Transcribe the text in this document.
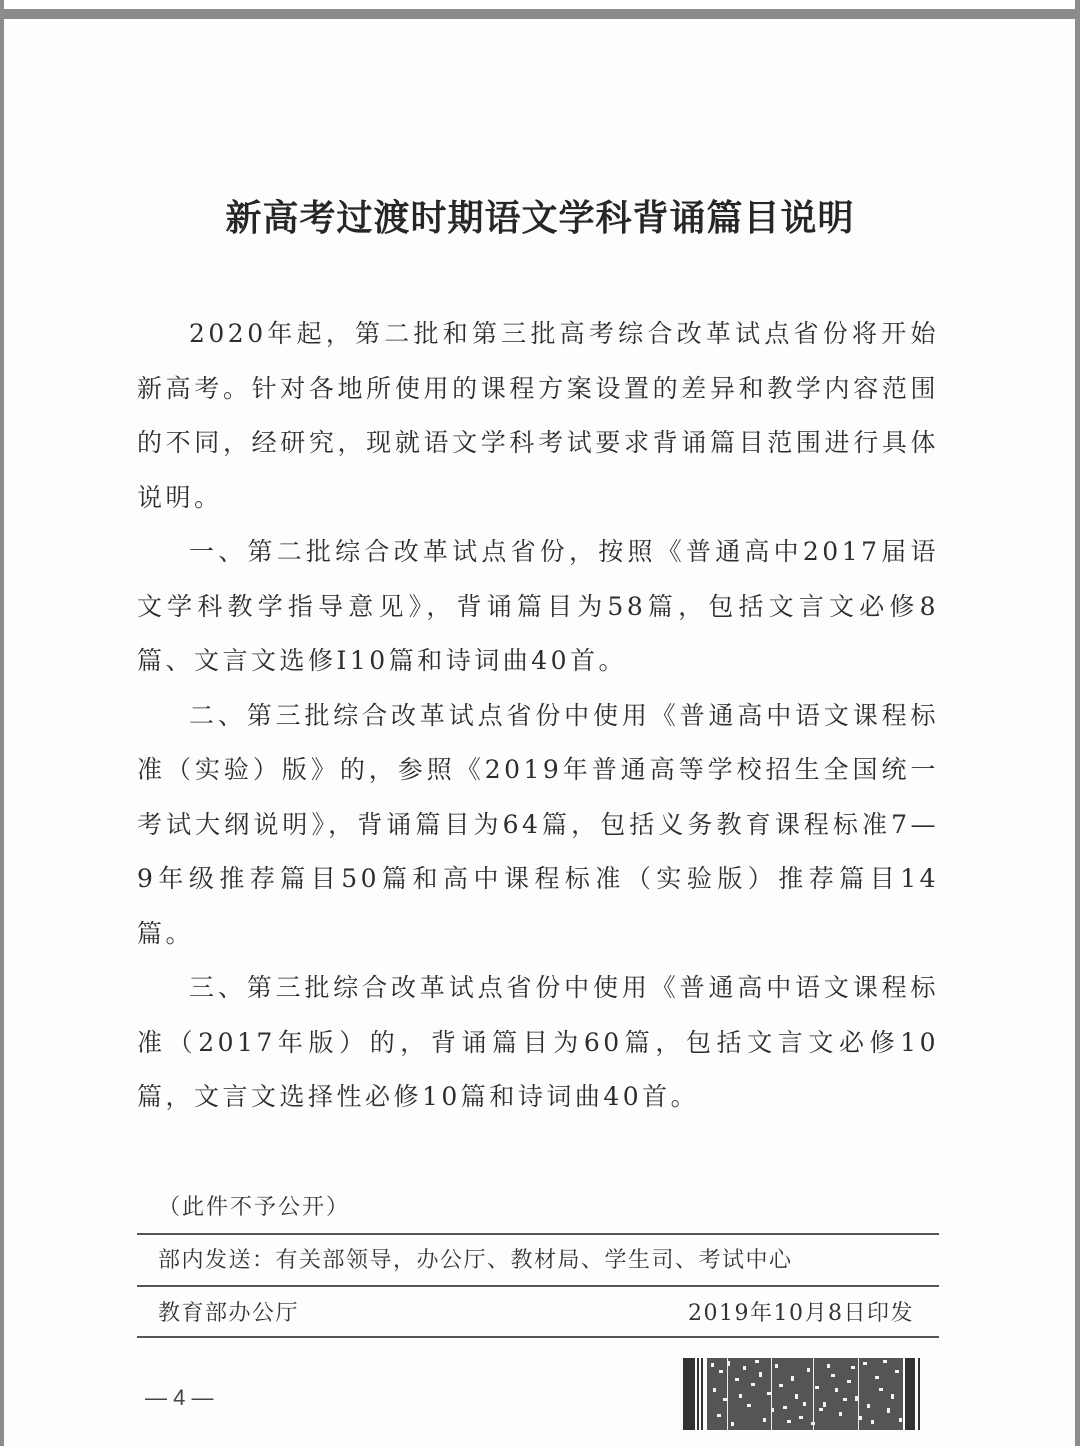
新高考过渡时期语文学科背诵篇目说明

2020年起，第二批和第三批高考综合改革试点省份将开始新高考。针对各地所使用的课程方案设置的差异和教学内容范围的不同，经研究，现就语文学科考试要求背诵篇目范围进行具体说明。

一、第二批综合改革试点省份，按照《普通高中2017届语文学科教学指导意见》，背诵篇目为58篇，包括文言文必修8篇、文言文选修I10篇和诗词曲40首。

二、第三批综合改革试点省份中使用《普通高中语文课程标准（实验）版》的，参照《2019年普通高等学校招生全国统一考试大纲说明》，背诵篇目为64篇，包括义务教育课程标准7—9年级推荐篇目50篇和高中课程标准（实验版）推荐篇目14篇。

三、第三批综合改革试点省份中使用《普通高中语文课程标准（2017年版）的，背诵篇目为60篇，包括文言文必修10篇，文言文选择性必修10篇和诗词曲40首。

（此件不予公开）
部内发送：有关部领导，办公厅、教材局、学生司、考试中心
教育部办公厅	2019年10月8日印发
— 4 —
